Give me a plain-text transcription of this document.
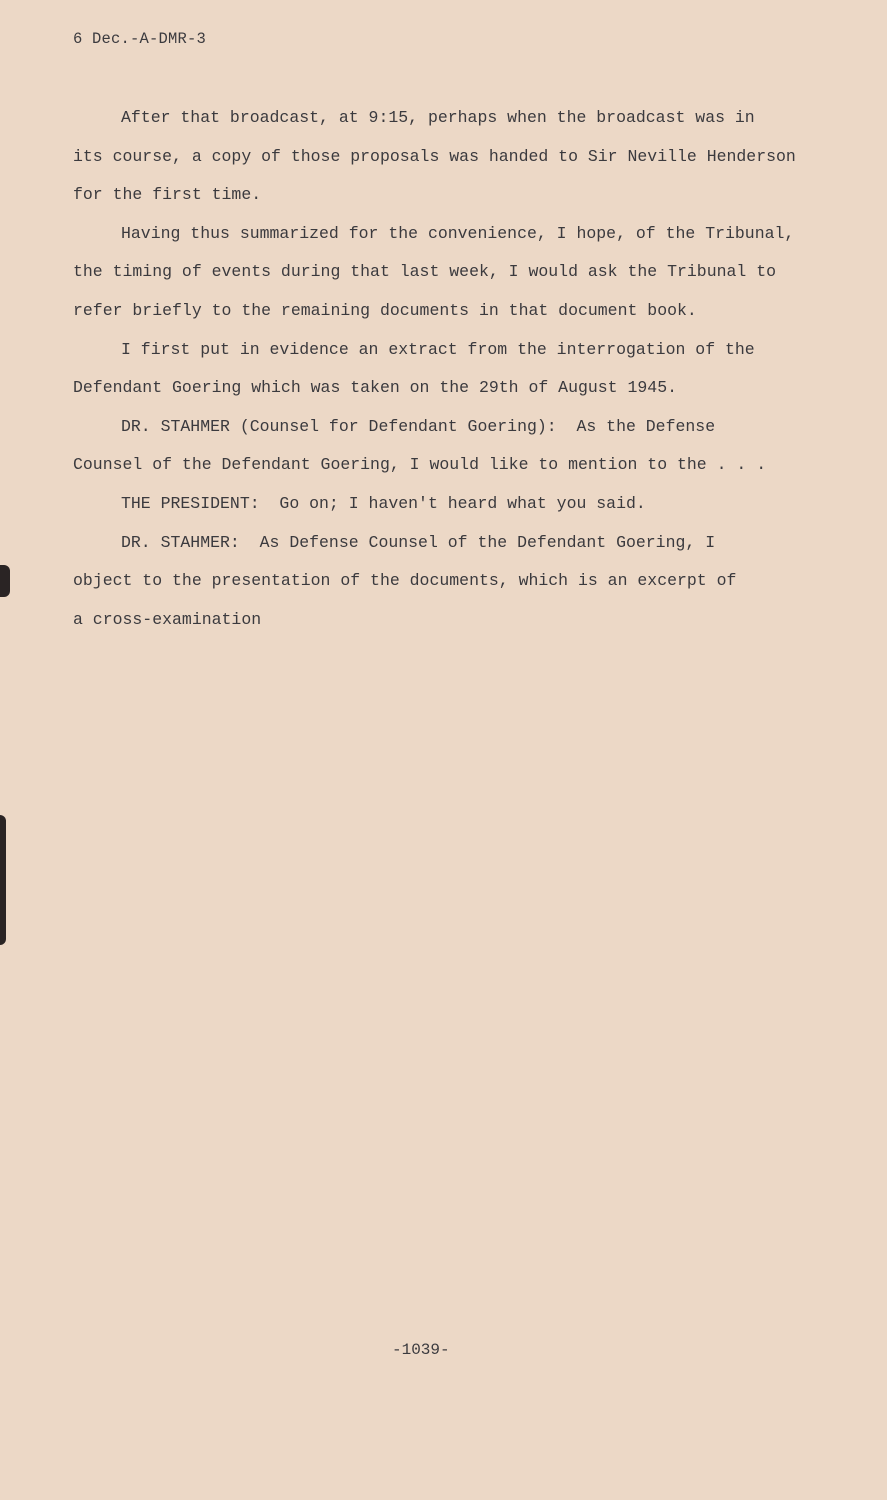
6 Dec.-A-DMR-3
After that broadcast, at 9:15, perhaps when the broadcast was in
its course, a copy of those proposals was handed to Sir Neville Henderson
for the first time.
Having thus summarized for the convenience, I hope, of the Tribunal,
the timing of events during that last week, I would ask the Tribunal to
refer briefly to the remaining documents in that document book.
I first put in evidence an extract from the interrogation of the
Defendant Goering which was taken on the 29th of August 1945.
DR. STAHMER (Counsel for Defendant Goering):  As the Defense
Counsel of the Defendant Goering, I would like to mention to the . . .
THE PRESIDENT:  Go on; I haven't heard what you said.
DR. STAHMER:  As Defense Counsel of the Defendant Goering, I
object to the presentation of the documents, which is an excerpt of
a cross-examination
-1039-
